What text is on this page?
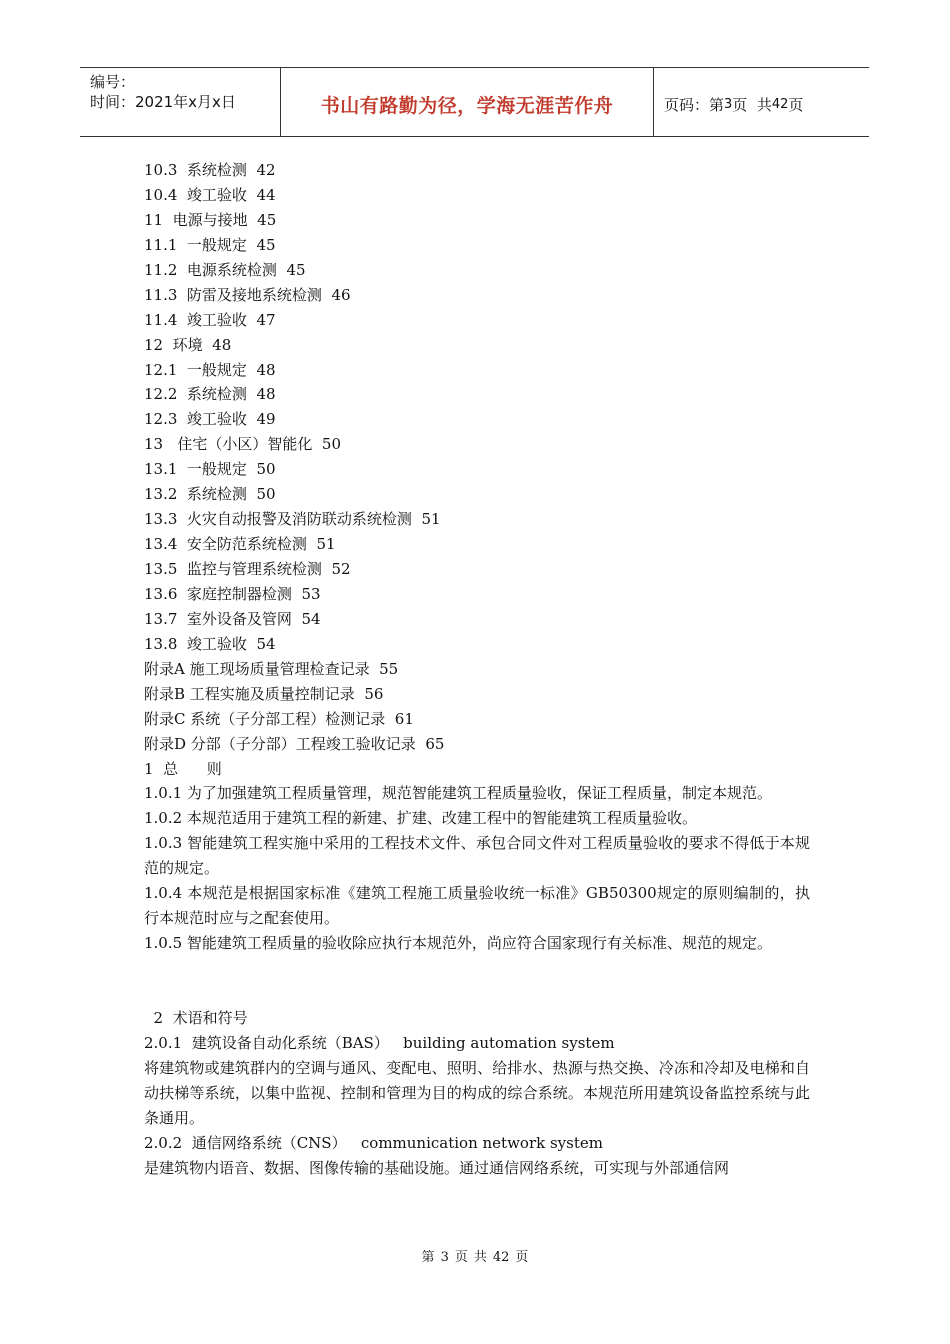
编号：
时间：2021年x月x日	书山有路勤为径，学海无涯苦作舟	页码：第 3 页  共 42 页
10.3  系统检测  42
10.4  竣工验收  44
11  电源与接地  45
11.1  一般规定  45
11.2  电源系统检测  45
11.3  防雷及接地系统检测  46
11.4  竣工验收  47
12  环境  48
12.1  一般规定  48
12.2  系统检测  48
12.3  竣工验收  49
13   住宅（小区）智能化  50
13.1  一般规定  50
13.2  系统检测  50
13.3  火灾自动报警及消防联动系统检测  51
13.4  安全防范系统检测  51
13.5  监控与管理系统检测  52
13.6  家庭控制器检测  53
13.7  室外设备及管网  54
13.8  竣工验收  54
附录A 施工现场质量管理检查记录  55
附录B 工程实施及质量控制记录  56
附录C 系统（子分部工程）检测记录  61
附录D 分部（子分部）工程竣工验收记录  65
1  总      则
1.0.1 为了加强建筑工程质量管理，规范智能建筑工程质量验收，保证工程质量，制定本规范。
1.0.2 本规范适用于建筑工程的新建、扩建、改建工程中的智能建筑工程质量验收。
1.0.3 智能建筑工程实施中采用的工程技术文件、承包合同文件对工程质量验收的要求不得低于本规范的规定。
1.0.4 本规范是根据国家标准《建筑工程施工质量验收统一标准》GB50300规定的原则编制的，执行本规范时应与之配套使用。
1.0.5 智能建筑工程质量的验收除应执行本规范外，尚应符合国家现行有关标准、规范的规定。
2  术语和符号
2.0.1  建筑设备自动化系统（BAS）   building automation system
将建筑物或建筑群内的空调与通风、变配电、照明、给排水、热源与热交换、冷冻和冷却及电梯和自动扶梯等系统，以集中监视、控制和管理为目的构成的综合系统。本规范所用建筑设备监控系统与此条通用。
2.0.2  通信网络系统（CNS）   communication network system
是建筑物内语音、数据、图像传输的基础设施。通过通信网络系统，可实现与外部通信网
第 3 页 共 42 页
